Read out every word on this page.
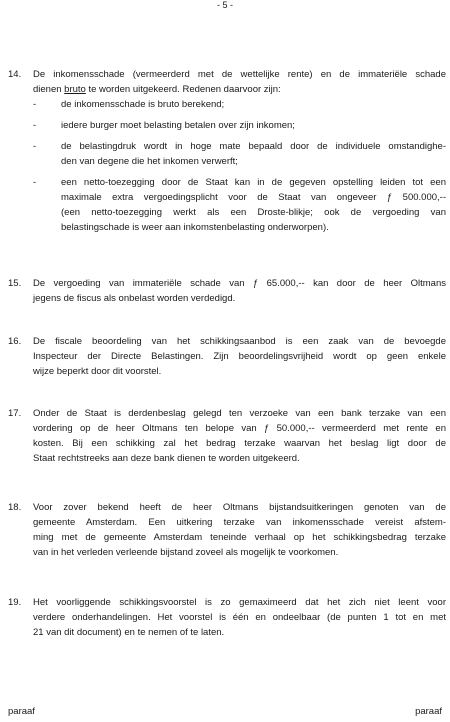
- 5 -
14. De inkomensschade (vermeerderd met de wettelijke rente) en de immateriële schade
dienen bruto te worden uitgekeerd. Redenen daarvoor zijn:
-	de inkomensschade is bruto berekend;
-	iedere burger moet belasting betalen over zijn inkomen;
-	de belastingdruk wordt in hoge mate bepaald door de individuele omstandighe-
den van degene die het inkomen verwerft;
-	een netto-toezegging door de Staat kan in de gegeven opstelling leiden tot een
maximale extra vergoedingsplicht voor de Staat van ongeveer ƒ 500.000,--
(een netto-toezegging werkt als een Droste-blikje; ook de vergoeding van
belastingschade is weer aan inkomstenbelasting onderworpen).
15. De vergoeding van immateriële schade van ƒ 65.000,-- kan door de heer Oltmans
jegens de fiscus als onbelast worden verdedigd.
16. De fiscale beoordeling van het schikkingsaanbod is een zaak van de bevoegde
Inspecteur der Directe Belastingen. Zijn beoordelingsvrijheid wordt op geen enkele
wijze beperkt door dit voorstel.
17. Onder de Staat is derdenbeslag gelegd ten verzoeke van een bank terzake van een
vordering op de heer Oltmans ten belope van ƒ 50.000,-- vermeerderd met rente en
kosten. Bij een schikking zal het bedrag terzake waarvan het beslag ligt door de
Staat rechtstreeks aan deze bank dienen te worden uitgekeerd.
18. Voor zover bekend heeft de heer Oltmans bijstandsuitkeringen genoten van de
gemeente Amsterdam. Een uitkering terzake van inkomensschade vereist afstem-
ming met de gemeente Amsterdam teneinde verhaal op het schikkingsbedrag terzake
van in het verleden verleende bijstand zoveel als mogelijk te voorkomen.
19. Het voorliggende schikkingsvoorstel is zo gemaximeerd dat het zich niet leent voor
verdere onderhandelingen. Het voorstel is één en ondeelbaar (de punten 1 tot en met
21 van dit document) en te nemen of te laten.
paraaf	paraaf
